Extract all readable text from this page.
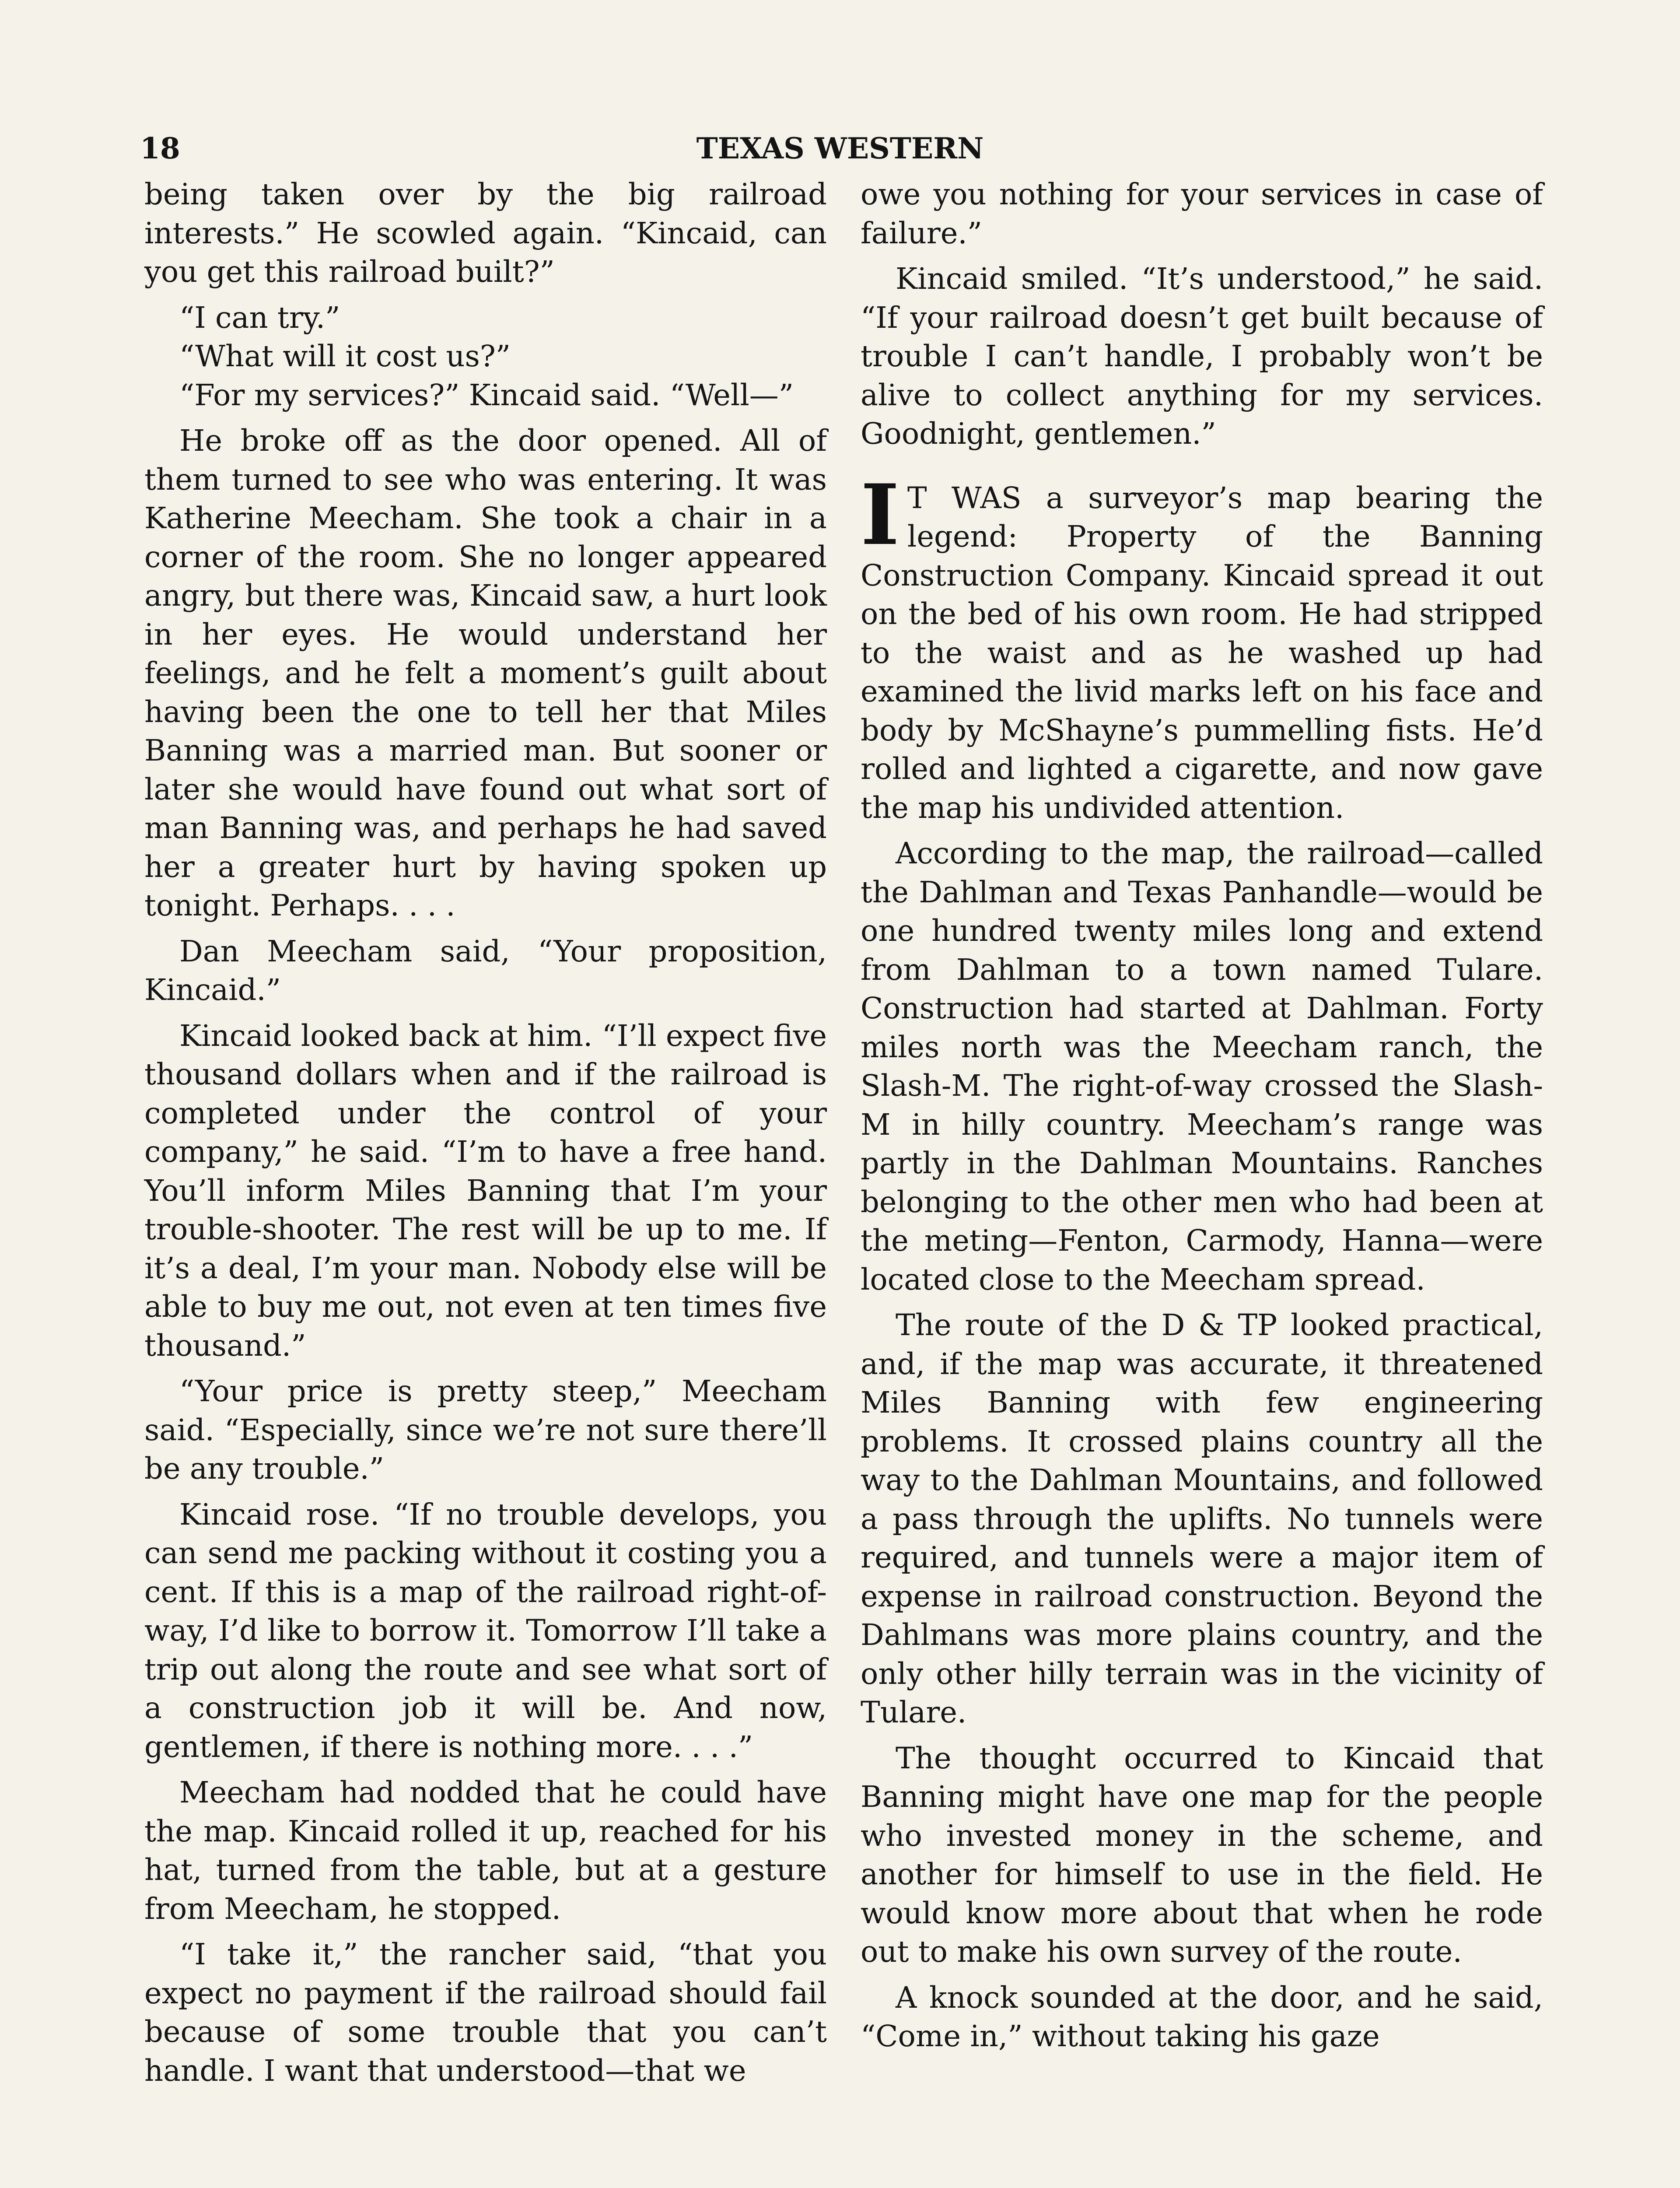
18	TEXAS WESTERN

being taken over by the big railroad interests.” He scowled again. “Kincaid, can you get this railroad built?”

“I can try.”

“What will it cost us?”

“For my services?” Kincaid said. “Well—”

He broke off as the door opened. All of them turned to see who was entering. It was Katherine Meecham. She took a chair in a corner of the room. She no longer appeared angry, but there was, Kincaid saw, a hurt look in her eyes. He would understand her feelings, and he felt a moment’s guilt about having been the one to tell her that Miles Banning was a married man. But sooner or later she would have found out what sort of man Banning was, and perhaps he had saved her a greater hurt by having spoken up tonight. Perhaps. . . .

Dan Meecham said, “Your proposition, Kincaid.”

Kincaid looked back at him. “I’ll expect five thousand dollars when and if the railroad is completed under the control of your company,” he said. “I’m to have a free hand. You’ll inform Miles Banning that I’m your trouble-shooter. The rest will be up to me. If it’s a deal, I’m your man. Nobody else will be able to buy me out, not even at ten times five thousand.”

“Your price is pretty steep,” Meecham said. “Especially, since we’re not sure there’ll be any trouble.”

Kincaid rose. “If no trouble develops, you can send me packing without it costing you a cent. If this is a map of the railroad right-of-way, I’d like to borrow it. Tomorrow I’ll take a trip out along the route and see what sort of a construction job it will be. And now, gentlemen, if there is nothing more. . . .”

Meecham had nodded that he could have the map. Kincaid rolled it up, reached for his hat, turned from the table, but at a gesture from Meecham, he stopped.

“I take it,” the rancher said, “that you expect no payment if the railroad should fail because of some trouble that you can’t handle. I want that understood—that we

owe you nothing for your services in case of failure.”

Kincaid smiled. “It’s understood,” he said. “If your railroad doesn’t get built because of trouble I can’t handle, I probably won’t be alive to collect anything for my services. Goodnight, gentlemen.”

I T WAS a surveyor’s map bearing the legend: Property of the Banning Construction Company. Kincaid spread it out on the bed of his own room. He had stripped to the waist and as he washed up had examined the livid marks left on his face and body by McShayne’s pummelling fists. He’d rolled and lighted a cigarette, and now gave the map his undivided attention.

According to the map, the railroad—called the Dahlman and Texas Panhandle—would be one hundred twenty miles long and extend from Dahlman to a town named Tulare. Construction had started at Dahlman. Forty miles north was the Meecham ranch, the Slash-M. The right-of-way crossed the Slash-M in hilly country. Meecham’s range was partly in the Dahlman Mountains. Ranches belonging to the other men who had been at the meting—Fenton, Carmody, Hanna—were located close to the Meecham spread.

The route of the D & TP looked practical, and, if the map was accurate, it threatened Miles Banning with few engineering problems. It crossed plains country all the way to the Dahlman Mountains, and followed a pass through the uplifts. No tunnels were required, and tunnels were a major item of expense in railroad construction. Beyond the Dahlmans was more plains country, and the only other hilly terrain was in the vicinity of Tulare.

The thought occurred to Kincaid that Banning might have one map for the people who invested money in the scheme, and another for himself to use in the field. He would know more about that when he rode out to make his own survey of the route.

A knock sounded at the door, and he said, “Come in,” without taking his gaze
